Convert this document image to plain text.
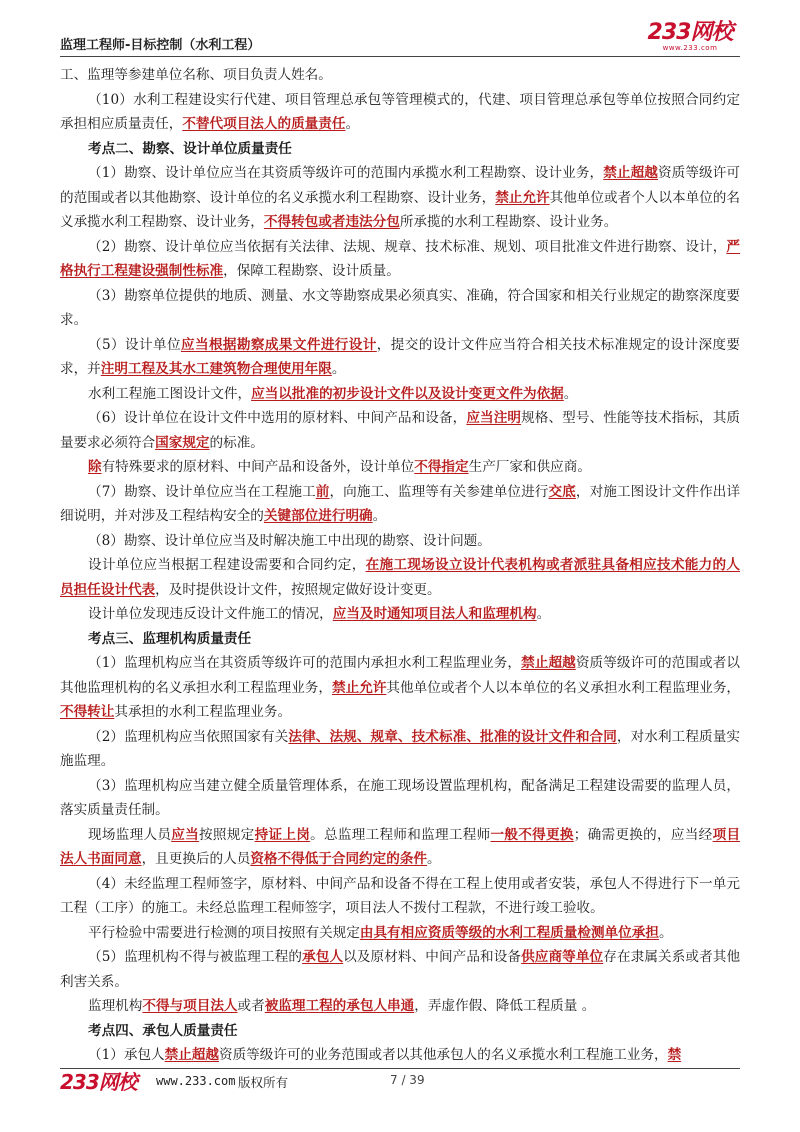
监理工程师-目标控制（水利工程）
233网校
www.233.com

工、监理等参建单位名称、项目负责人姓名。

（10）水利工程建设实行代建、项目管理总承包等管理模式的，代建、项目管理总承包等单位按照合同约定承担相应质量责任，不替代项目法人的质量责任。

考点二、勘察、设计单位质量责任

（1）勘察、设计单位应当在其资质等级许可的范围内承揽水利工程勘察、设计业务，禁止超越资质等级许可的范围或者以其他勘察、设计单位的名义承揽水利工程勘察、设计业务，禁止允许其他单位或者个人以本单位的名义承揽水利工程勘察、设计业务，不得转包或者违法分包所承揽的水利工程勘察、设计业务。

（2）勘察、设计单位应当依据有关法律、法规、规章、技术标准、规划、项目批准文件进行勘察、设计，严格执行工程建设强制性标准，保障工程勘察、设计质量。

（3）勘察单位提供的地质、测量、水文等勘察成果必须真实、准确，符合国家和相关行业规定的勘察深度要求。

（5）设计单位应当根据勘察成果文件进行设计，提交的设计文件应当符合相关技术标准规定的设计深度要求，并注明工程及其水工建筑物合理使用年限。

水利工程施工图设计文件，应当以批准的初步设计文件以及设计变更文件为依据。

（6）设计单位在设计文件中选用的原材料、中间产品和设备，应当注明规格、型号、性能等技术指标，其质量要求必须符合国家规定的标准。

除有特殊要求的原材料、中间产品和设备外，设计单位不得指定生产厂家和供应商。

（7）勘察、设计单位应当在工程施工前，向施工、监理等有关参建单位进行交底，对施工图设计文件作出详细说明，并对涉及工程结构安全的关键部位进行明确。

（8）勘察、设计单位应当及时解决施工中出现的勘察、设计问题。

设计单位应当根据工程建设需要和合同约定，在施工现场设立设计代表机构或者派驻具备相应技术能力的人员担任设计代表，及时提供设计文件，按照规定做好设计变更。

设计单位发现违反设计文件施工的情况，应当及时通知项目法人和监理机构。

考点三、监理机构质量责任

（1）监理机构应当在其资质等级许可的范围内承担水利工程监理业务，禁止超越资质等级许可的范围或者以其他监理机构的名义承担水利工程监理业务，禁止允许其他单位或者个人以本单位的名义承担水利工程监理业务，不得转让其承担的水利工程监理业务。

（2）监理机构应当依照国家有关法律、法规、规章、技术标准、批准的设计文件和合同，对水利工程质量实施监理。

（3）监理机构应当建立健全质量管理体系，在施工现场设置监理机构，配备满足工程建设需要的监理人员，落实质量责任制。

现场监理人员应当按照规定持证上岗。总监理工程师和监理工程师一般不得更换；确需更换的，应当经项目法人书面同意，且更换后的人员资格不得低于合同约定的条件。

（4）未经监理工程师签字，原材料、中间产品和设备不得在工程上使用或者安装，承包人不得进行下一单元工程（工序）的施工。未经总监理工程师签字，项目法人不拨付工程款，不进行竣工验收。

平行检验中需要进行检测的项目按照有关规定由具有相应资质等级的水利工程质量检测单位承担。

（5）监理机构不得与被监理工程的承包人以及原材料、中间产品和设备供应商等单位存在隶属关系或者其他利害关系。

监理机构不得与项目法人或者被监理工程的承包人串通，弄虚作假、降低工程质量 。

考点四、承包人质量责任

（1）承包人禁止超越资质等级许可的业务范围或者以其他承包人的名义承揽水利工程施工业务，禁

233网校 www.233.com 版权所有	7 / 39
